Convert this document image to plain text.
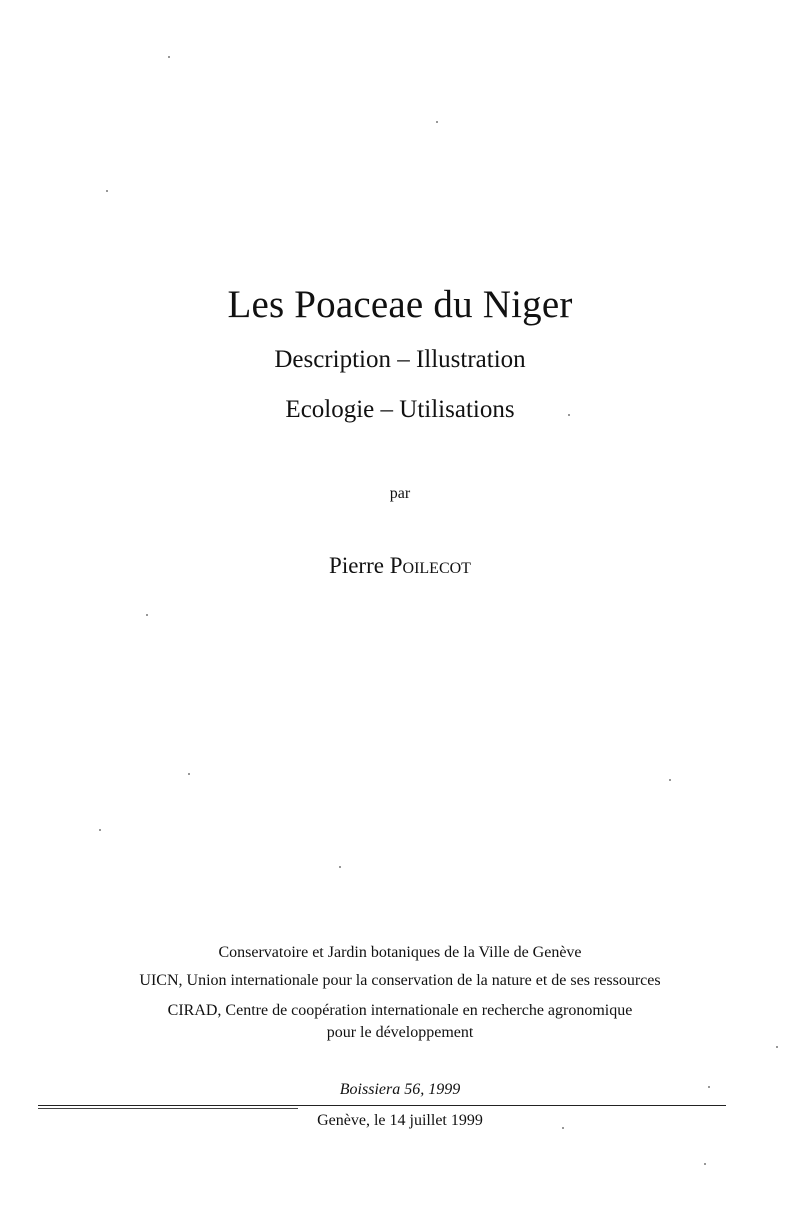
Les Poaceae du Niger
Description – Illustration
Ecologie – Utilisations
par
Pierre Poilecot
Conservatoire et Jardin botaniques de la Ville de Genève
UICN, Union internationale pour la conservation de la nature et de ses ressources
CIRAD, Centre de coopération internationale en recherche agronomique
pour le développement
Boissiera 56, 1999
Genève, le 14 juillet 1999
